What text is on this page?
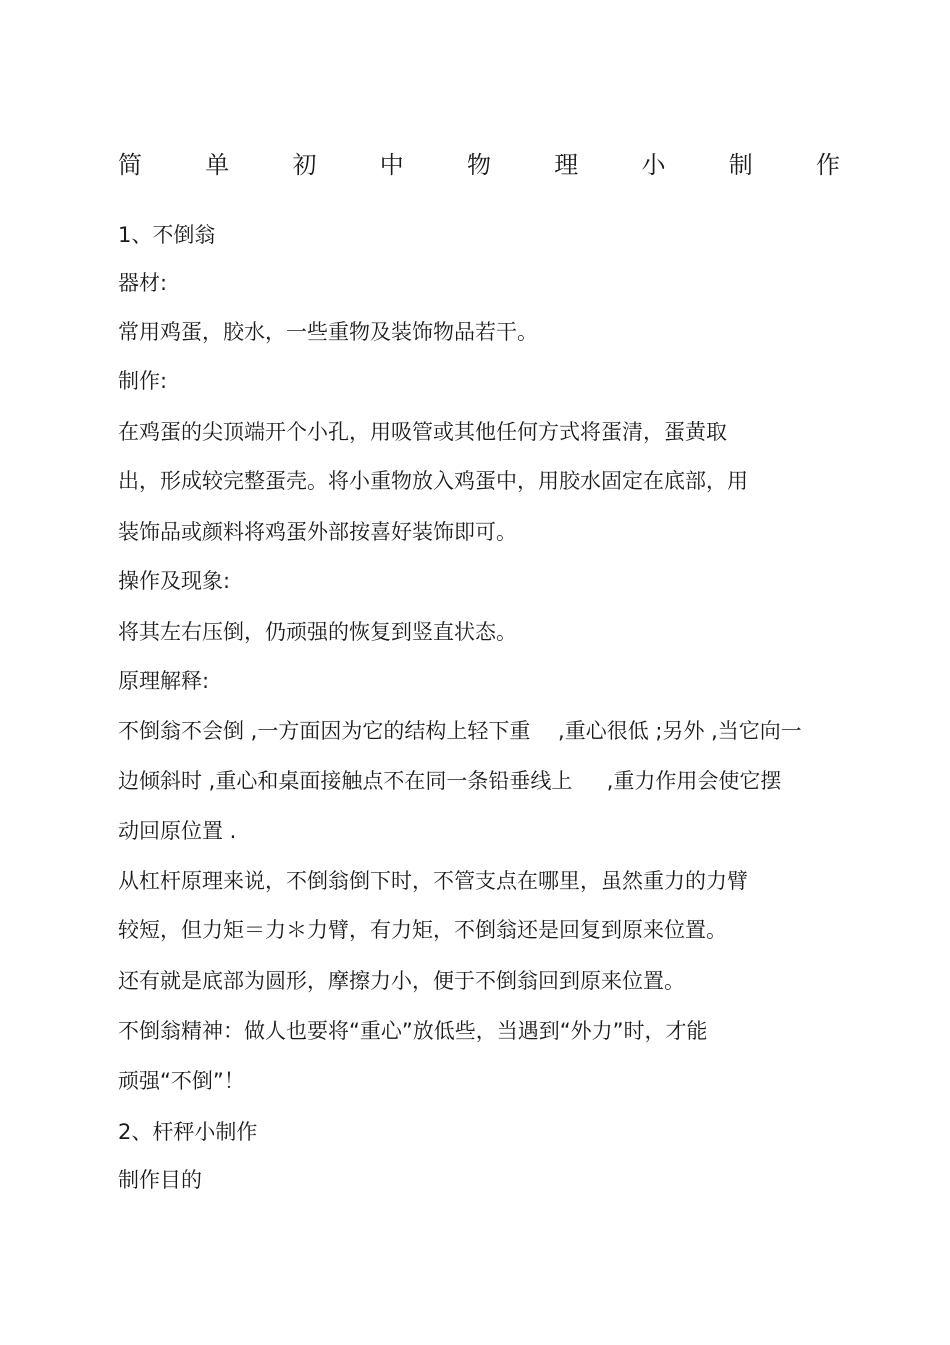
简	单	初	中	物	理	小	制	作
1、不倒翁
器材:
常用鸡蛋，胶水，一些重物及装饰物品若干。
制作:
在鸡蛋的尖顶端开个小孔，用吸管或其他任何方式将蛋清，蛋黄取
出，形成较完整蛋壳。将小重物放入鸡蛋中，用胶水固定在底部，用
装饰品或颜料将鸡蛋外部按喜好装饰即可。
操作及现象:
将其左右压倒，仍顽强的恢复到竖直状态。
原理解释:
不倒翁不会倒 ,一方面因为它的结构上轻下重 　,重心很低 ;另外 ,当它向一
边倾斜时 ,重心和桌面接触点不在同一条铅垂线上 　 ,重力作用会使它摆
动回原位置 .
从杠杆原理来说，不倒翁倒下时，不管支点在哪里，虽然重力的力臂
较短，但力矩＝力＊力臂，有力矩，不倒翁还是回复到原来位置。
还有就是底部为圆形，摩擦力小，便于不倒翁回到原来位置。
不倒翁精神：做人也要将“重心”放低些，当遇到“外力”时，才能
顽强“不倒”！
2、杆秤小制作
制作目的
